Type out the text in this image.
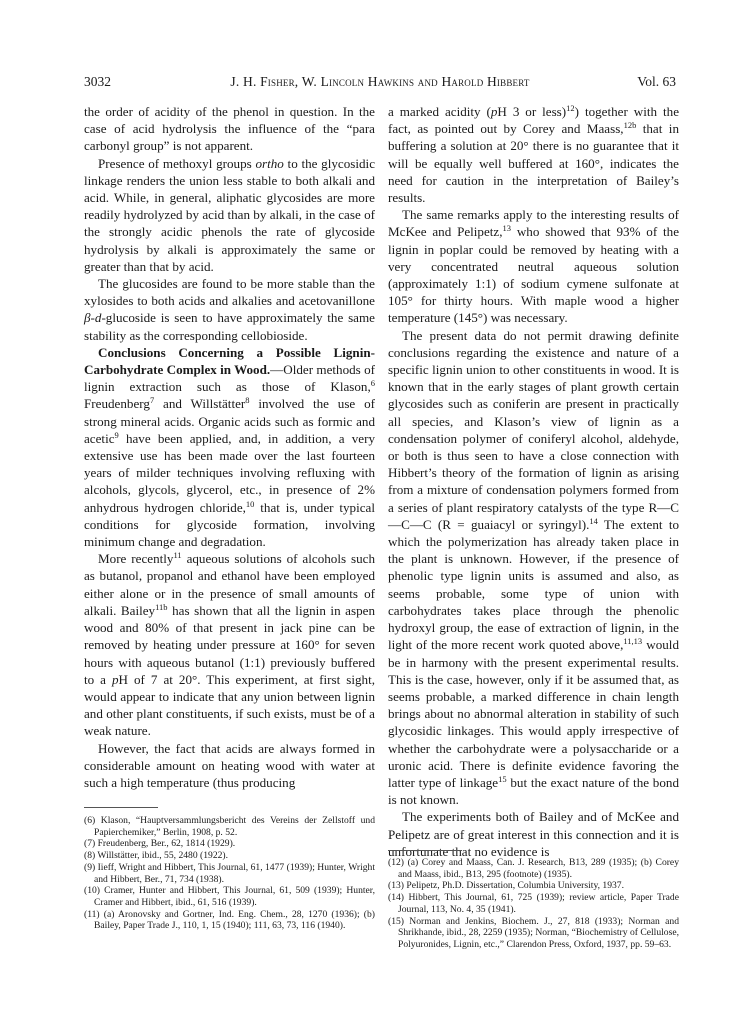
3032	J. H. Fisher, W. Lincoln Hawkins and Harold Hibbert	Vol. 63

the order of acidity of the phenol in question. In the case of acid hydrolysis the influence of the “para carbonyl group” is not apparent.

Presence of methoxyl groups ortho to the glycosidic linkage renders the union less stable to both alkali and acid. While, in general, aliphatic glycosides are more readily hydrolyzed by acid than by alkali, in the case of the strongly acidic phenols the rate of glycoside hydrolysis by alkali is approximately the same or greater than that by acid.

The glucosides are found to be more stable than the xylosides to both acids and alkalies and acetovanillone β-d-glucoside is seen to have approximately the same stability as the corresponding cellobioside.

Conclusions Concerning a Possible Lignin-Carbohydrate Complex in Wood.—Older methods of lignin extraction such as those of Klason,$^6$ Freudenberg$^7$ and Willstätter$^8$ involved the use of strong mineral acids. Organic acids such as formic and acetic$^9$ have been applied, and, in addition, a very extensive use has been made over the last fourteen years of milder techniques involving refluxing with alcohols, glycols, glycerol, etc., in presence of 2% anhydrous hydrogen chloride,$^{10}$ that is, under typical conditions for glycoside formation, involving minimum change and degradation.

More recently$^{11}$ aqueous solutions of alcohols such as butanol, propanol and ethanol have been employed either alone or in the presence of small amounts of alkali. Bailey$^{11b}$ has shown that all the lignin in aspen wood and 80% of that present in jack pine can be removed by heating under pressure at 160° for seven hours with aqueous butanol (1:1) previously buffered to a pH of 7 at 20°. This experiment, at first sight, would appear to indicate that any union between lignin and other plant constituents, if such exists, must be of a weak nature.

However, the fact that acids are always formed in considerable amount on heating wood with water at such a high temperature (thus producing

a marked acidity (pH 3 or less)$^{12}$) together with the fact, as pointed out by Corey and Maass,$^{12b}$ that in buffering a solution at 20° there is no guarantee that it will be equally well buffered at 160°, indicates the need for caution in the interpretation of Bailey’s results.

The same remarks apply to the interesting results of McKee and Pelipetz,$^{13}$ who showed that 93% of the lignin in poplar could be removed by heating with a very concentrated neutral aqueous solution (approximately 1:1) of sodium cymene sulfonate at 105° for thirty hours. With maple wood a higher temperature (145°) was necessary.

The present data do not permit drawing definite conclusions regarding the existence and nature of a specific lignin union to other constituents in wood. It is known that in the early stages of plant growth certain glycosides such as coniferin are present in practically all species, and Klason’s view of lignin as a condensation polymer of coniferyl alcohol, aldehyde, or both is thus seen to have a close connection with Hibbert’s theory of the formation of lignin as arising from a mixture of condensation polymers formed from a series of plant respiratory catalysts of the type R—C—C—C (R = guaiacyl or syringyl).$^{14}$ The extent to which the polymerization has already taken place in the plant is unknown. However, if the presence of phenolic type lignin units is assumed and also, as seems probable, some type of union with carbohydrates takes place through the phenolic hydroxyl group, the ease of extraction of lignin, in the light of the more recent work quoted above,$^{11,13}$ would be in harmony with the present experimental results. This is the case, however, only if it be assumed that, as seems probable, a marked difference in chain length brings about no abnormal alteration in stability of such glycosidic linkages. This would apply irrespective of whether the carbohydrate were a polysaccharide or a uronic acid. There is definite evidence favoring the latter type of linkage$^{15}$ but the exact nature of the bond is not known.

The experiments both of Bailey and of McKee and Pelipetz are of great interest in this connection and it is unfortunate that no evidence is

(6) Klason, “Hauptversammlungsbericht des Vereins der Zellstoff und Papierchemiker,” Berlin, 1908, p. 52.

(7) Freudenberg, Ber., 62, 1814 (1929).

(8) Willstätter, ibid., 55, 2480 (1922).

(9) Iieff, Wright and Hibbert, This Journal, 61, 1477 (1939); Hunter, Wright and Hibbert, Ber., 71, 734 (1938).

(10) Cramer, Hunter and Hibbert, This Journal, 61, 509 (1939); Hunter, Cramer and Hibbert, ibid., 61, 516 (1939).

(11) (a) Aronovsky and Gortner, Ind. Eng. Chem., 28, 1270 (1936); (b) Bailey, Paper Trade J., 110, 1, 15 (1940); 111, 63, 73, 116 (1940).

(12) (a) Corey and Maass, Can. J. Research, B13, 289 (1935); (b) Corey and Maass, ibid., B13, 295 (footnote) (1935).

(13) Pelipetz, Ph.D. Dissertation, Columbia University, 1937.

(14) Hibbert, This Journal, 61, 725 (1939); review article, Paper Trade Journal, 113, No. 4, 35 (1941).

(15) Norman and Jenkins, Biochem. J., 27, 818 (1933); Norman and Shrikhande, ibid., 28, 2259 (1935); Norman, “Biochemistry of Cellulose, Polyuronides, Lignin, etc.,” Clarendon Press, Oxford, 1937, pp. 59–63.
